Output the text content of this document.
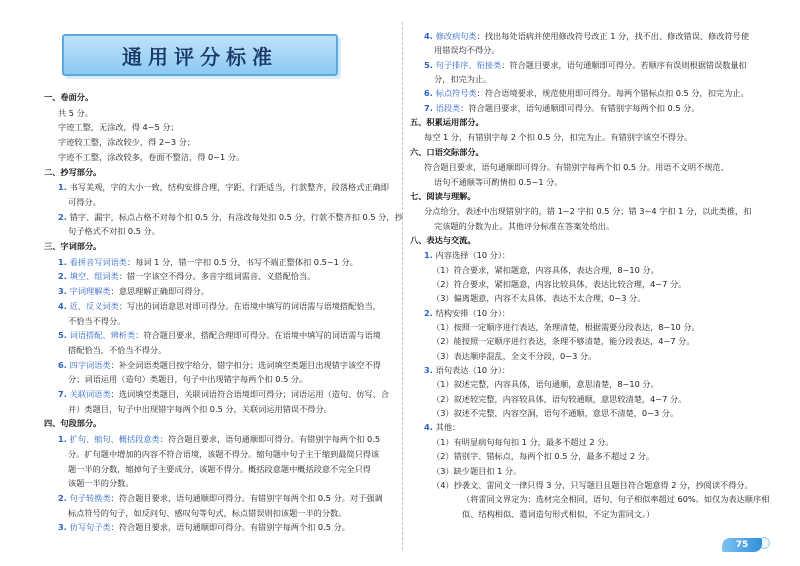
通用评分标准
一、卷面分。
共 5 分。
字迹工整，无涂改，得 4~5 分；
字迹较工整，涂改较少，得 2~3 分；
字迹不工整，涂改较多，卷面不整洁，得 0~1 分。
二、抄写部分。
1. 书写美观，字的大小一致，结构安排合理，字距、行距适当，行款整齐，段落格式正确即
可得分。
2. 错字、漏字，标点占格不对每个扣 0.5 分，有涂改每处扣 0.5 分，行款不整齐扣 0.5 分，抄
句子格式不对扣 0.5 分。
三、字词部分。
1. 看拼音写词语类：每词 1 分，错一字扣 0.5 分，书写不端正整体扣 0.5~1 分。
2. 填空、组词类：错一字该空不得分。多音字组词需音、义搭配恰当。
3. 字词理解类：意思理解正确即可得分。
4. 近、反义词类：写出的词语意思对即可得分。在语境中填写的词语需与语境搭配恰当，
不恰当不得分。
5. 词语搭配、辨析类：符合题目要求，搭配合理即可得分。在语境中填写的词语需与语境
搭配恰当，不恰当不得分。
6. 四字词语类：补全词语类题目按字给分，错字扣分；选词填空类题目出现错字该空不得
分；词语运用（造句）类题目，句子中出现错字每两个扣 0.5 分。
7. 关联词语类：选词填空类题目，关联词语符合语境即可得分；词语运用（造句、仿写、合
并）类题目，句子中出现错字每两个扣 0.5 分，关联词运用错误不得分。
四、句段部分。
1. 扩句、缩句、概括段意类：符合题目要求，语句通顺即可得分。有错别字每两个扣 0.5
分。扩句题中增加的内容不符合语境，该题不得分。缩句题中句子主干缩到最简只得该
题一半的分数，缩掉句子主要成分，该题不得分。概括段意题中概括段意不完全只得
该题一半的分数。
2. 句子转换类：符合题目要求，语句通顺即可得分。有错别字每两个扣 0.5 分。对于强调
标点符号的句子，如反问句、感叹句等句式，标点错误则扣该题一半的分数。
3. 仿写句子类：符合题目要求，语句通顺即可得分。有错别字每两个扣 0.5 分。
4. 修改病句类：找出每处语病并使用修改符号改正 1 分，找不出、修改错误、修改符号使
用错误均不得分。
5. 句子排序、衔接类：符合题目要求，语句通顺即可得分。若顺序有误则根据错误数量扣
分，扣完为止。
6. 标点符号类：符合语境要求，规范使用即可得分。每两个错标点扣 0.5 分，扣完为止。
7. 语段类：符合题目要求，语句通顺即可得分。有错别字每两个扣 0.5 分。
五、积累运用部分。
每空 1 分，有错别字每 2 个扣 0.5 分，扣完为止。有错别字该空不得分。
六、口语交际部分。
符合题目要求，语句通顺即可得分。有错别字每两个扣 0.5 分。用语不文明不规范、
语句不通顺等可酌情扣 0.5~1 分。
七、阅读与理解。
分点给分，表述中出现错别字的，错 1~2 字扣 0.5 分；错 3~4 字扣 1 分，以此类推，扣
完该题的分数为止。其他评分标准在答案处给出。
八、表达与交流。
1. 内容选择（10 分）：
（1）符合要求，紧扣题意，内容具体，表达合理，8~10 分。
（2）符合要求，紧扣题意，内容比较具体，表达比较合理，4~7 分。
（3）偏离题意，内容不太具体，表达不太合理，0~3 分。
2. 结构安排（10 分）：
（1）按照一定顺序进行表达，条理清楚，根据需要分段表达，8~10 分。
（2）能按照一定顺序进行表达，条理不够清楚，能分段表达，4~7 分。
（3）表达顺序混乱，全文不分段，0~3 分。
3. 语句表达（10 分）：
（1）叙述完整，内容具体，语句通顺，意思清楚，8~10 分。
（2）叙述较完整，内容较具体，语句较通顺，意思较清楚，4~7 分。
（3）叙述不完整，内容空洞，语句不通顺，意思不清楚，0~3 分。
4. 其他：
（1）有明显病句每句扣 1 分，最多不超过 2 分。
（2）错别字、错标点，每两个扣 0.5 分，最多不超过 2 分。
（3）缺少题目扣 1 分。
（4）抄袭文、雷同文一律只得 3 分，只写题目且题目符合题意得 2 分，抄阅读不得分。
（将雷同文界定为：选材完全相同，语句、句子相似率超过 60%。如仅为表达顺序相
似、结构相似、遣词造句形式相似，不定为雷同文。）
75
